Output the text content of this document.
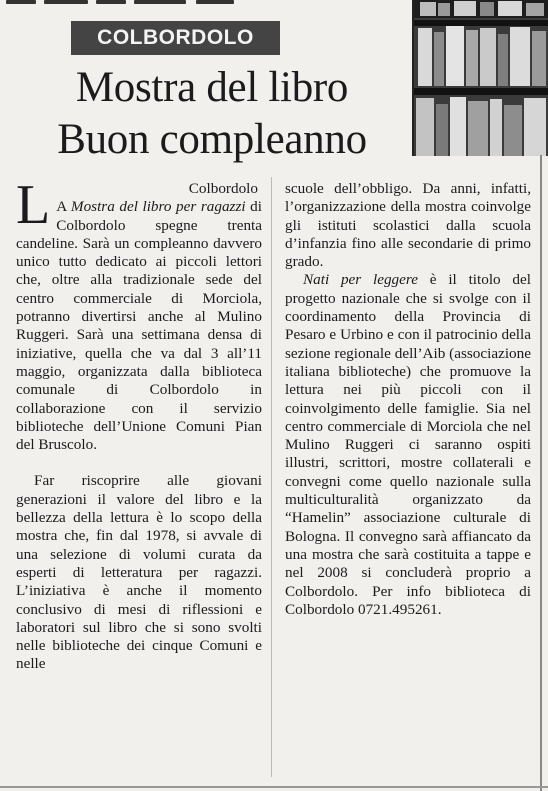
COLBORDOLO
Mostra del libro
Buon compleanno

L	Colbordolo
A Mostra del libro per ragazzi di Colbordolo spegne trenta candeline. Sarà un compleanno davvero unico tutto dedicato ai piccoli lettori che, oltre alla tradizionale sede del centro commerciale di Morciola, potranno divertirsi anche al Mulino Ruggeri. Sarà una settimana densa di iniziative, quella che va dal 3 all’11 maggio, organizzata dalla biblioteca comunale di Colbordolo in collaborazione con il servizio biblioteche dell’Unione Comuni Pian del Bruscolo.

Far riscoprire alle giovani generazioni il valore del libro e la bellezza della lettura è lo scopo della mostra che, fin dal 1978, si avvale di una selezione di volumi curata da esperti di letteratura per ragazzi. L’iniziativa è anche il momento conclusivo di mesi di riflessioni e laboratori sul libro che si sono svolti nelle biblioteche dei cinque Comuni e nelle

scuole dell’obbligo. Da anni, infatti, l’organizzazione della mostra coinvolge gli istituti scolastici dalla scuola d’infanzia fino alle secondarie di primo grado.

Nati per leggere è il titolo del progetto nazionale che si svolge con il coordinamento della Provincia di Pesaro e Urbino e con il patrocinio della sezione regionale dell’Aib (associazione italiana biblioteche) che promuove la lettura nei più piccoli con il coinvolgimento delle famiglie. Sia nel centro commerciale di Morciola che nel Mulino Ruggeri ci saranno ospiti illustri, scrittori, mostre collaterali e convegni come quello nazionale sulla multiculturalità organizzato da “Hamelin” associazione culturale di Bologna. Il convegno sarà affiancato da una mostra che sarà costituita a tappe e nel 2008 si concluderà proprio a Colbordolo. Per info biblioteca di Colbordolo 0721.495261.
